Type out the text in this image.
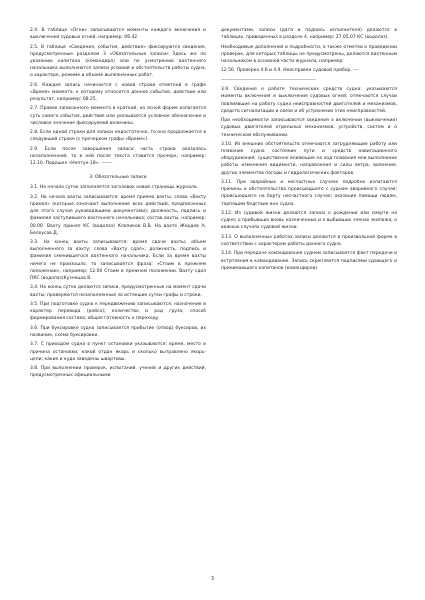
2.4. В таблице «Огни» записываются моменты каждого включения и выключения судовых огней, например: 06.42.

2.5. В таблице «Сведения, события, действия» фиксируются сведения, предусмотренные разделом 3 «Обязательные записи» Здесь же по указанию капитана (командира) или по усмотрению вахтенного начальника выполняются записи условий и обстоятельств работы судна, о характере, режиме и объеме выполненных работ.

2.6. Каждая запись начинается с новой строки отметкой в графе «Время» момента, к которому относится данное событие, действие или результат, например: 08.25.

2.7. Правее записанного момента в краткой, но ясной форме излагается суть самого события, действия или указывается условное обозначение и числовое значение фиксируемой величины.

2.8. Если одной строки для записи недостаточно, то она продолжается в следующей строке (с прочерком графы «Время»).

2.9. Если после завершения записи часть строки оказалась незаполненной, то в ней после текста ставится прочерк, например: 12.10. Подошел «Нептун-18». -------

3. Обязательные записи

3.1. На начало суток заполняется заголовок новой страницы журнала.

3.2. На начало вахты записываются: время приема вахты; слова «Вахту принял» (которые означают выполнение всех действий, предписанных для этого случая руководящими документами); должность, подпись и фамилия заступившего вахтенного начальника; состав вахты, например: 00.00. Вахту принял КС (водолаз) Клепиков В.В. На вахте Жердев А, Белоусов Д.

3.3. На конец вахты записываются: время сдачи вахты; объем выполненного за вахту; слова «Вахту сдал»; должность, подпись и фамилия сменившегося вахтенного начальника. Если за время вахты ничего не произошло, то записывается фраза: «Стоим в прежнем положении», например: 12.00 Стоим в прежнем положении. Вахту сдал ПКС (водолаз)Кузнецов В.

3.4. На конец суток делаются записи, предусмотренные на момент сдачи вахты; проверяются незаполненные за истекшие сутки графы и строки.

3.5. При подготовке судна к передвижению записываются: назначение и характер перевода (рейса); количество и род груза; способ формирования состава; общая готовность к переходу.

3.6. При буксировке судна записывается прибытие (отвод) буксиров, их название, схема буксировки.

3.7. С приходом судна в пункт остановки указываются: время, место и причина остановки; какой отдан якорь и сколько вытравлено якорь-цепи; какие и куда заведены швартовы.

3.8. При выполнении проверок, испытаний, учений и других действий, предусмотренных официальными

документами, записи (дата и подпись исполнителя) делаются в таблицах, приведенных в разделе 4, например: 27.05.07 КС (водолаз).

Необходимые дополнения и подробности, а также отметки о проведении проверок, для которых таблицы не предусмотрены, делаются вахтенным начальником в основной части журнала, например:

12.50. Проверка 4.6 и 4.9. Неисправен судовой прибор. ---

-----------------------------------------------------------

3.9. Сведения о работе технических средств судна: указываются моменты включения и выключения судовых огней; отмечаются случаи повлиявшие на работу судна неисправностей двигателей и механизмов, средств сигнализации и связи и об устранении этих неисправностей.

При необходимости записываются сведения о включении (выключении) судовых двигателей отдельных механизмов, устройств, систем и о техническом обслуживании.

3.10. Из внешних обстоятельств отмечаются затрудняющие работу или плавание судна состояние пути и средств навигационного оборудования; существенно влияющие на ход плавания или выполнение работы изменения видимости, направления и силы ветра, волнения, других элементов погоды и гидрологических факторов.

3.11. При аварийных и несчастных случаях подробно излагаются причины и обстоятельства происшедшего с судном аварийного случая; происшедшего на борту несчастного случая; оказания помощи людям, терпящим бедствие вне судна.

3.12. Из судовой жизни делаются записи о рождении или смерти на судне; о прибывших вновь назначенных и о выбывших членах экипажа; о важных случаях судовой жизни.

3.13. О выполненных работах записи делаются в произвольной форме в соответствии с характером работы данного судна.

3.14. При передаче командования судном записывается факт передачи и вступления в командование. Запись скрепляется подписями сдающего и принимающего капитанов (командиров).

3
